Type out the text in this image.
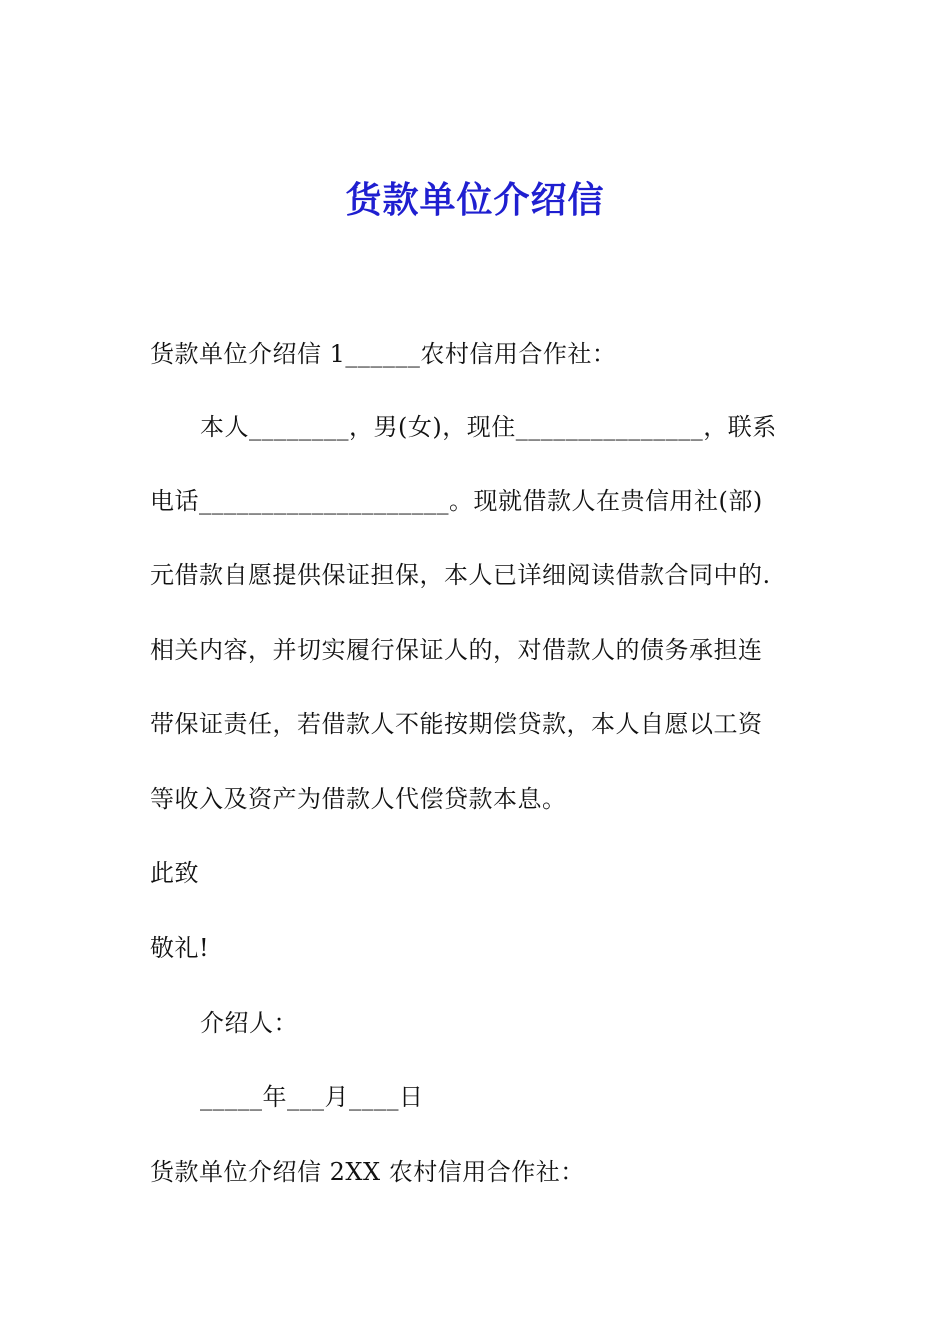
货款单位介绍信
货款单位介绍信 1______农村信用合作社：
本人________，男(女)，现住_______________，联系
电话____________________。现就借款人在贵信用社(部)
元借款自愿提供保证担保，本人已详细阅读借款合同中的.
相关内容，并切实履行保证人的，对借款人的债务承担连
带保证责任，若借款人不能按期偿贷款，本人自愿以工资
等收入及资产为借款人代偿贷款本息。
此致
敬礼!
介绍人：
_____年___月____日
货款单位介绍信 2XX 农村信用合作社：
